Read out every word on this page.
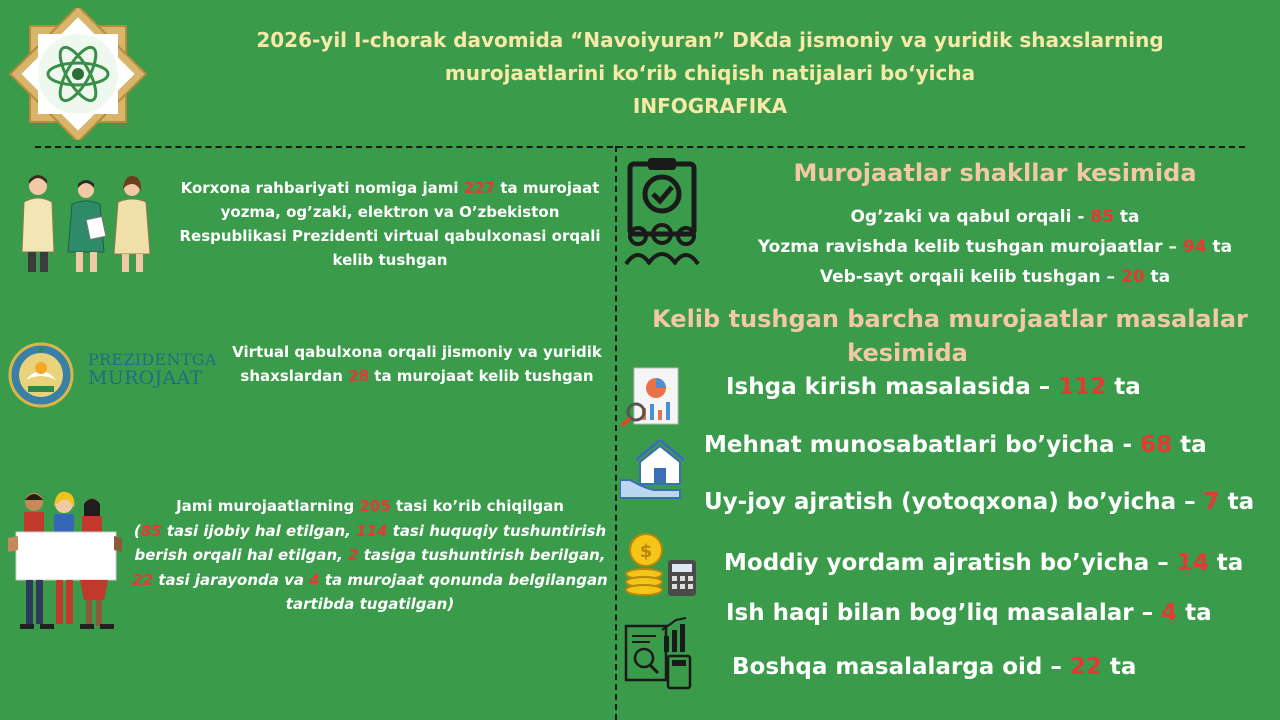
2026-yil I-chorak davomida “Navoiyuran” DKda jismoniy va yuridik shaxslarning
murojaatlarini ko‘rib chiqish natijalari bo‘yicha
INFOGRAFIKA
Korxona rahbariyati nomiga jami 227 ta murojaat yozma, og’zaki, elektron va O’zbekiston Respublikasi Prezidenti virtual qabulxonasi orqali kelib tushgan
PREZIDENTGA
MUROJAAT
Virtual qabulxona orqali jismoniy va yuridik shaxslardan 28 ta murojaat kelib tushgan
Jami murojaatlarning 205 tasi ko’rib chiqilgan
(85 tasi ijobiy hal etilgan, 114 tasi huquqiy tushuntirish berish orqali hal etilgan, 2 tasiga tushuntirish berilgan, 22 tasi jarayonda va 4 ta murojaat qonunda belgilangan tartibda tugatilgan)
Murojaatlar shakllar kesimida
Og’zaki va qabul orqali - 85 ta
Yozma ravishda kelib tushgan murojaatlar – 94 ta
Veb-sayt orqali kelib tushgan – 20 ta
Kelib tushgan barcha murojaatlar masalalar
kesimida
$
Ishga kirish masalasida – 112 ta
Mehnat munosabatlari bo’yicha - 68 ta
Uy-joy ajratish (yotoqxona) bo’yicha – 7 ta
Moddiy yordam ajratish bo’yicha – 14 ta
Ish haqi bilan bog’liq masalalar – 4 ta
Boshqa masalalarga oid – 22 ta
